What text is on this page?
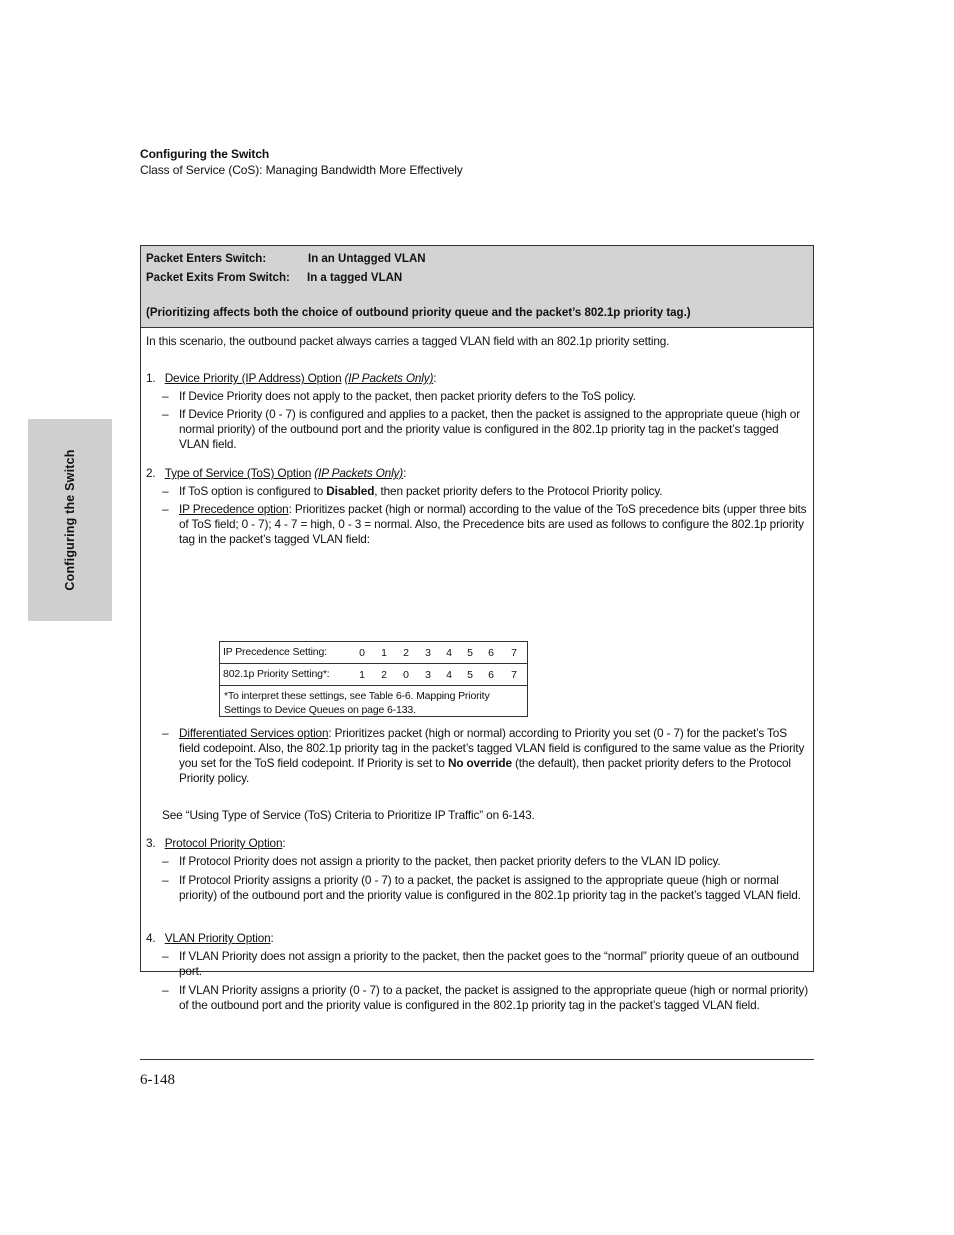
Configuring the Switch
Class of Service (CoS): Managing Bandwidth More Effectively
Configuring the Switch
Packet Enters Switch:	In an Untagged VLAN
Packet Exits From Switch: In a tagged VLAN
(Prioritizing affects both the choice of outbound priority queue and the packet’s 802.1p priority tag.)
In this scenario, the outbound packet always carries a tagged VLAN field with an 802.1p priority setting.
1. Device Priority (IP Address) Option (IP Packets Only):
– If Device Priority does not apply to the packet, then packet priority defers to the ToS policy.
– If Device Priority (0 - 7) is configured and applies to a packet, then the packet is assigned to the appropriate queue (high or normal priority) of the outbound port and the priority value is configured in the 802.1p priority tag in the packet’s tagged VLAN field.
2. Type of Service (ToS) Option (IP Packets Only):
– If ToS option is configured to Disabled, then packet priority defers to the Protocol Priority policy.
– IP Precedence option: Prioritizes packet (high or normal) according to the value of the ToS precedence bits (upper three bits of ToS field; 0 - 7); 4 - 7 = high, 0 - 3 = normal. Also, the Precedence bits are used as follows to configure the 802.1p priority tag in the packet’s tagged VLAN field:
IP Precedence Setting:	0	1	2	3	4	5	6	7
802.1p Priority Setting*:	1	2	0	3	4	5	6	7
*To interpret these settings, see Table 6-6. Mapping Priority Settings to Device Queues on page 6-133.
– Differentiated Services option: Prioritizes packet (high or normal) according to Priority you set (0 - 7) for the packet’s ToS field codepoint. Also, the 802.1p priority tag in the packet’s tagged VLAN field is configured to the same value as the Priority you set for the ToS field codepoint. If Priority is set to No override (the default), then packet priority defers to the Protocol Priority policy.
See “Using Type of Service (ToS) Criteria to Prioritize IP Traffic” on 6-143.
3. Protocol Priority Option:
– If Protocol Priority does not assign a priority to the packet, then packet priority defers to the VLAN ID policy.
– If Protocol Priority assigns a priority (0 - 7) to a packet, the packet is assigned to the appropriate queue (high or normal priority) of the outbound port and the priority value is configured in the 802.1p priority tag in the packet’s tagged VLAN field.
4. VLAN Priority Option:
– If VLAN Priority does not assign a priority to the packet, then the packet goes to the “normal” priority queue of an outbound port.
– If VLAN Priority assigns a priority (0 - 7) to a packet, the packet is assigned to the appropriate queue (high or normal priority) of the outbound port and the priority value is configured in the 802.1p priority tag in the packet’s tagged VLAN field.
6-148
